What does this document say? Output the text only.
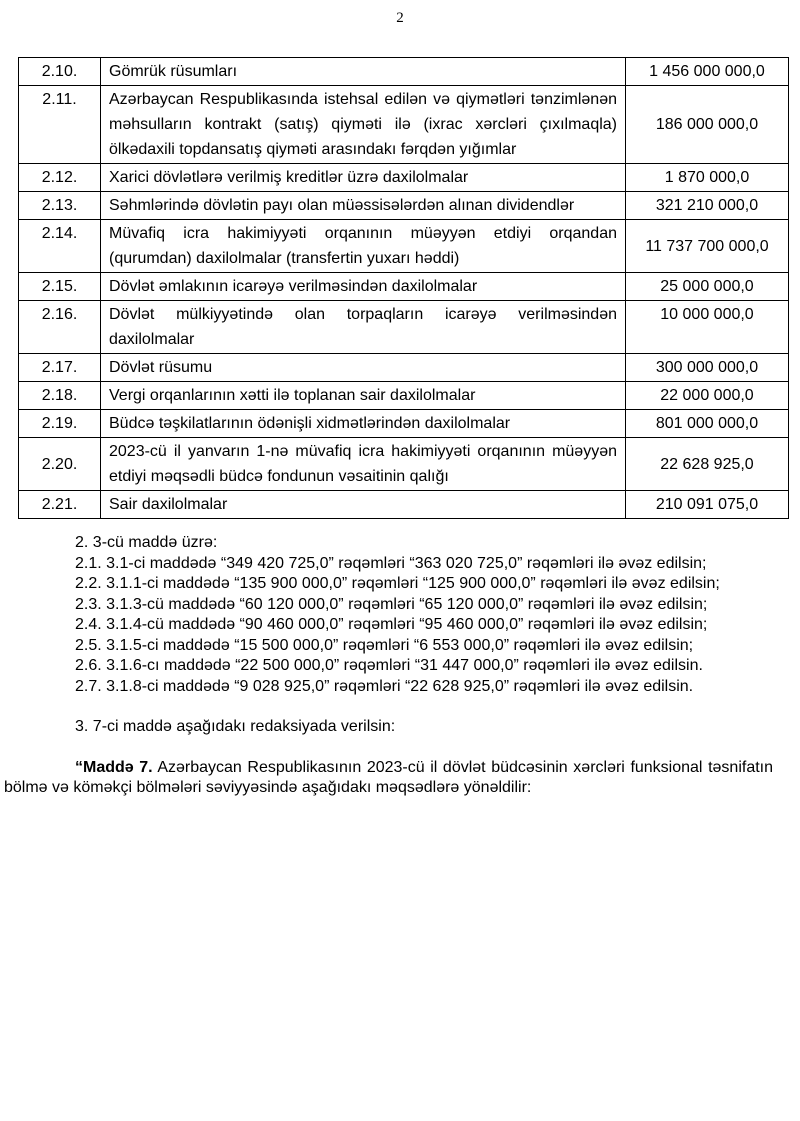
2
2.10.	Gömrük rüsumları	1 456 000 000,0
2.11.	Azərbaycan Respublikasında istehsal edilən və qiymətləri tənzimlənən məhsulların kontrakt (satış) qiyməti ilə (ixrac xərcləri çıxılmaqla) ölkədaxili topdansatış qiyməti arasındakı fərqdən yığımlar	186 000 000,0
2.12.	Xarici dövlətlərə verilmiş kreditlər üzrə daxilolmalar	1 870 000,0
2.13.	Səhmlərində dövlətin payı olan müəssisələrdən alınan dividendlər	321 210 000,0
2.14.	Müvafiq icra hakimiyyəti orqanının müəyyən etdiyi orqandan (qurumdan) daxilolmalar (transfertin yuxarı həddi)	11 737 700 000,0
2.15.	Dövlət əmlakının icarəyə verilməsindən daxilolmalar	25 000 000,0
2.16.	Dövlət mülkiyyətində olan torpaqların icarəyə verilməsindən daxilolmalar	10 000 000,0
2.17.	Dövlət rüsumu	300 000 000,0
2.18.	Vergi orqanlarının xətti ilə toplanan sair daxilolmalar	22 000 000,0
2.19.	Büdcə təşkilatlarının ödənişli xidmətlərindən daxilolmalar	801 000 000,0
2.20.	2023-cü il yanvarın 1-nə müvafiq icra hakimiyyəti orqanının müəyyən etdiyi məqsədli büdcə fondunun vəsaitinin qalığı	22 628 925,0
2.21.	Sair daxilolmalar	210 091 075,0

2. 3-cü maddə üzrə:

2.1. 3.1-ci maddədə “349 420 725,0” rəqəmləri “363 020 725,0” rəqəmləri ilə əvəz edilsin;

2.2. 3.1.1-ci maddədə “135 900 000,0” rəqəmləri “125 900 000,0” rəqəmləri ilə əvəz edilsin;

2.3. 3.1.3-cü maddədə “60 120 000,0” rəqəmləri “65 120 000,0” rəqəmləri ilə əvəz edilsin;

2.4. 3.1.4-cü maddədə “90 460 000,0” rəqəmləri “95 460 000,0” rəqəmləri ilə əvəz edilsin;

2.5. 3.1.5-ci maddədə “15 500 000,0” rəqəmləri “6 553 000,0” rəqəmləri ilə əvəz edilsin;

2.6. 3.1.6-cı maddədə “22 500 000,0” rəqəmləri “31 447 000,0” rəqəmləri ilə əvəz edilsin.

2.7. 3.1.8-ci maddədə “9 028 925,0” rəqəmləri “22 628 925,0” rəqəmləri ilə əvəz edilsin.

3. 7-ci maddə aşağıdakı redaksiyada verilsin:

“Maddə 7. Azərbaycan Respublikasının 2023-cü il dövlət büdcəsinin xərcləri funksional təsnifatın bölmə və köməkçi bölmələri səviyyəsində aşağıdakı məqsədlərə yönəldilir:
